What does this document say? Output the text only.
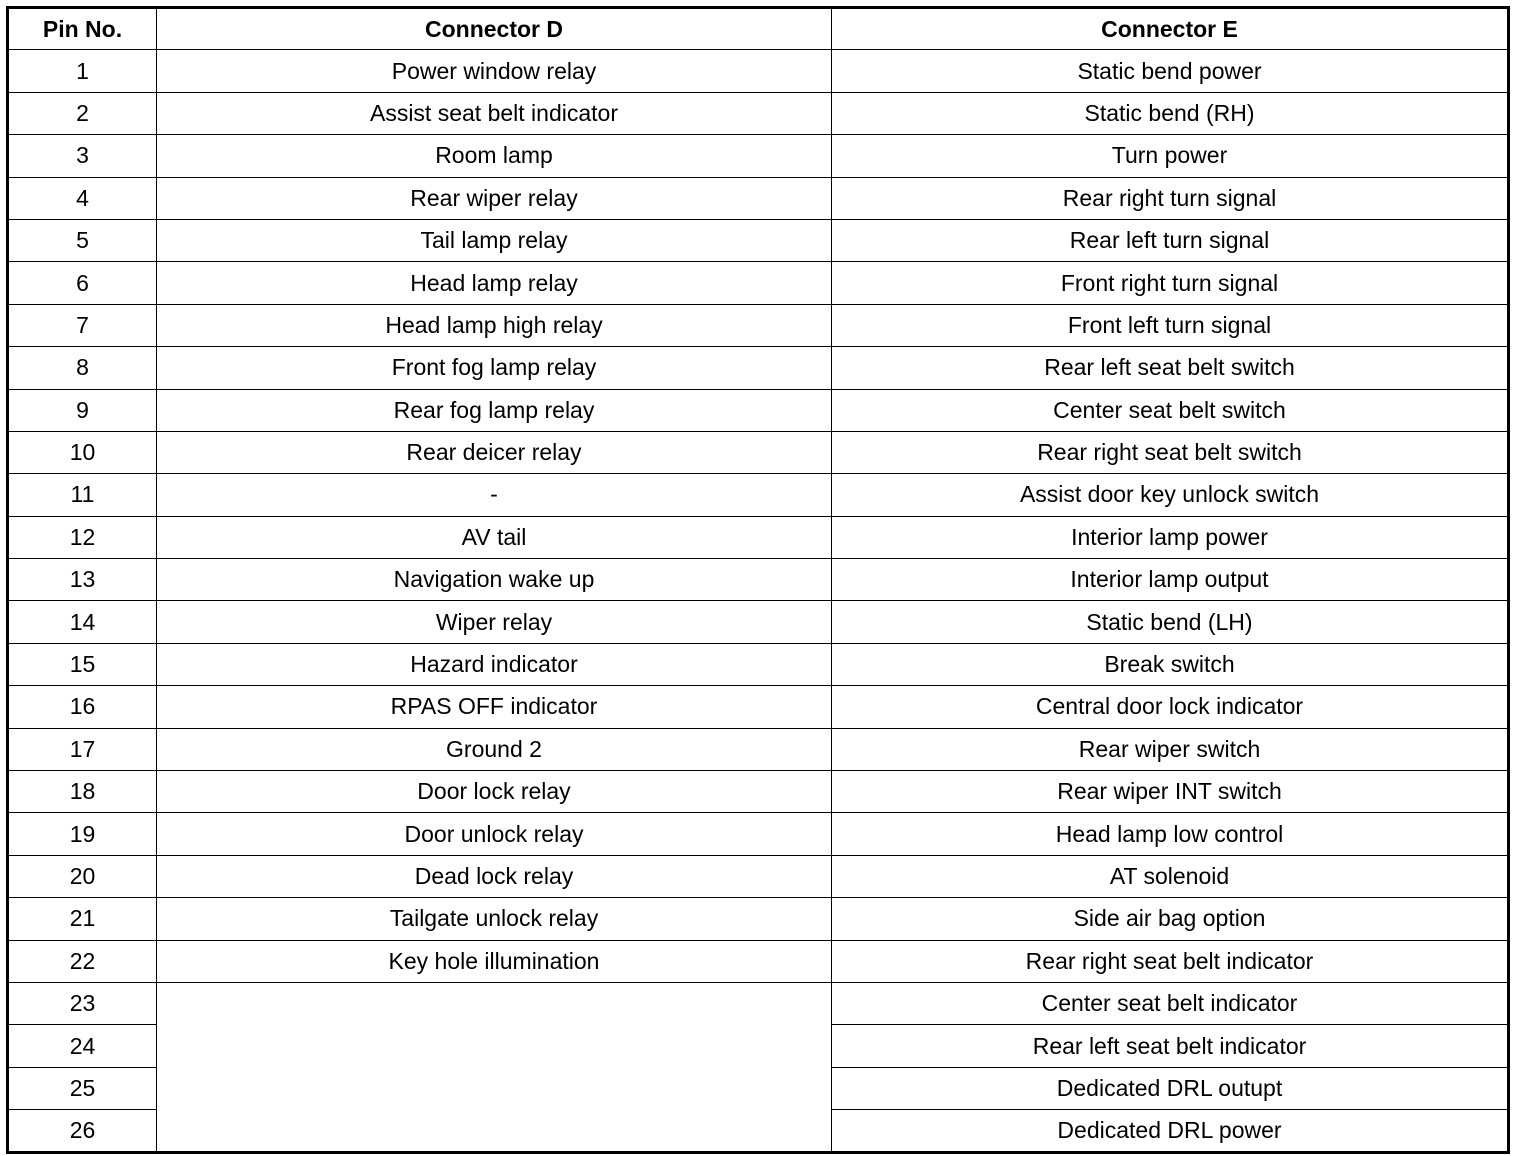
Pin No.	Connector D	Connector E
1	Power window relay	Static bend power
2	Assist seat belt indicator	Static bend (RH)
3	Room lamp	Turn power
4	Rear wiper relay	Rear right turn signal
5	Tail lamp relay	Rear left turn signal
6	Head lamp relay	Front right turn signal
7	Head lamp high relay	Front left turn signal
8	Front fog lamp relay	Rear left seat belt switch
9	Rear fog lamp relay	Center seat belt switch
10	Rear deicer relay	Rear right seat belt switch
11	-	Assist door key unlock switch
12	AV tail	Interior lamp power
13	Navigation wake up	Interior lamp output
14	Wiper relay	Static bend (LH)
15	Hazard indicator	Break switch
16	RPAS OFF indicator	Central door lock indicator
17	Ground 2	Rear wiper switch
18	Door lock relay	Rear wiper INT switch
19	Door unlock relay	Head lamp low control
20	Dead lock relay	AT solenoid
21	Tailgate unlock relay	Side air bag option
22	Key hole illumination	Rear right seat belt indicator
23		Center seat belt indicator
24		Rear left seat belt indicator
25		Dedicated DRL outupt
26		Dedicated DRL power
